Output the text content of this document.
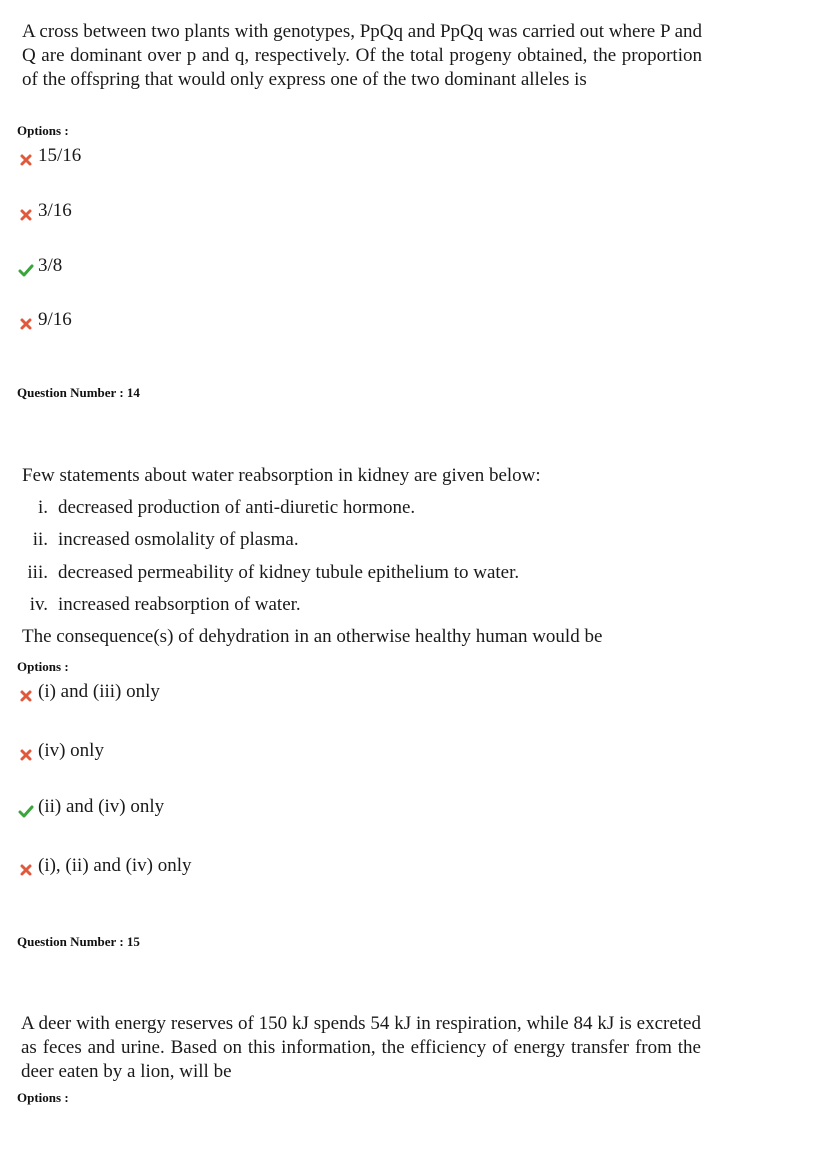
A cross between two plants with genotypes, PpQq and PpQq was carried out where P and Q are dominant over p and q, respectively. Of the total progeny obtained, the proportion of the offspring that would only express one of the two dominant alleles is

Options :
15/16
3/16
3/8
9/16
Question Number : 14
Few statements about water reabsorption in kidney are given below:
i. decreased production of anti-diuretic hormone.
ii. increased osmolality of plasma.
iii. decreased permeability of kidney tubule epithelium to water.
iv. increased reabsorption of water.
The consequence(s) of dehydration in an otherwise healthy human would be
Options :
(i) and (iii) only
(iv) only
(ii) and (iv) only
(i), (ii) and (iv) only
Question Number : 15

A deer with energy reserves of 150 kJ spends 54 kJ in respiration, while 84 kJ is excreted as feces and urine. Based on this information, the efficiency of energy transfer from the deer eaten by a lion, will be

Options :
